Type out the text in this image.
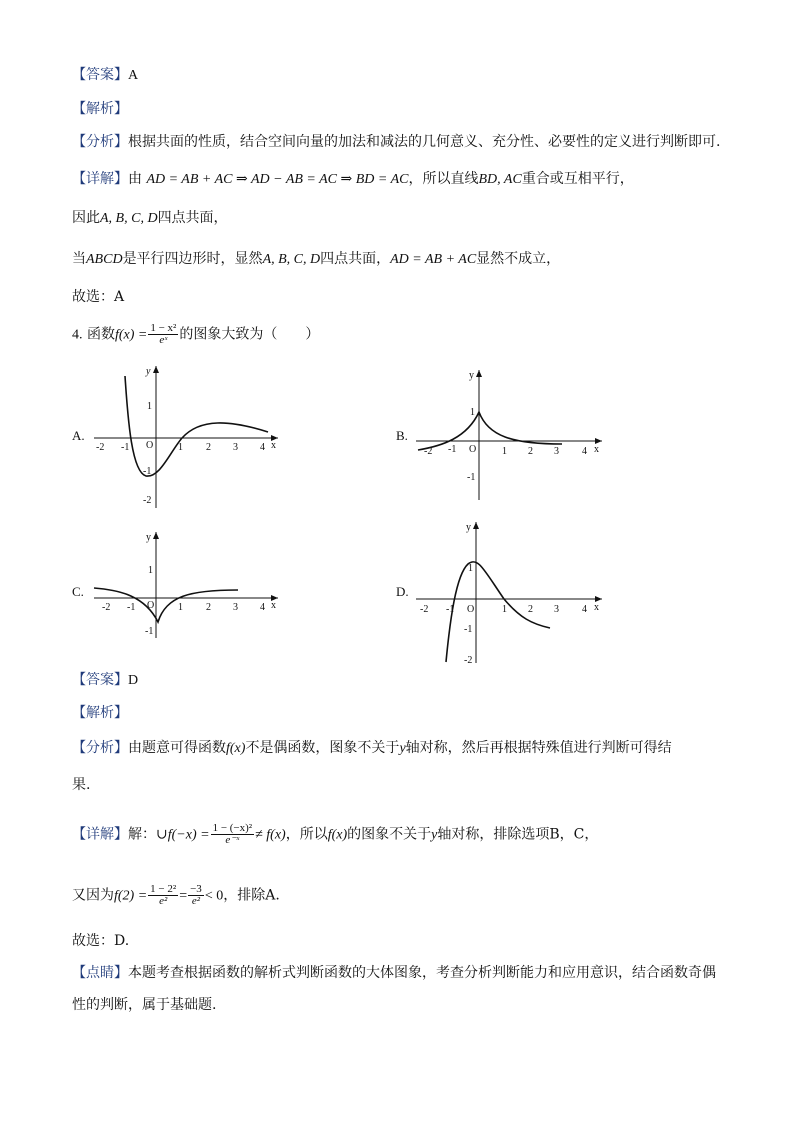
【答案】A
【解析】
【分析】根据共面的性质，结合空间向量的加法和减法的几何意义、充分性、必要性的定义进行判断即可.
【详解】由 AD = AB + AC ⇒ AD − AB = AC ⇒ BD = AC，所以直线BD, AC重合或互相平行，
因此A, B, C, D四点共面，
当ABCD是平行四边形时，显然A, B, C, D四点共面，AD = AB + AC显然不成立，
故选：A
4. 函数$f(x) = \frac{\text{1 − x²}}{\text{eˣ}}$ 的图象大致为（　　）
A.	B.
C.	D.
y
x
-2 -1 O 1 2 3 4
1
-1
-2
y
x
-2 -1 O	1 2 3 4
1
-1
y
x
-2 -1 O 1 2 3 4
1
-1
y
x
-2 -1 O	1 2 3 4
1
-1
-2
【答案】D
【解析】
【分析】由题意可得函数f(x)不是偶函数，图象不关于y轴对称，然后再根据特殊值进行判断可得结
果.
【详解】解：∪f(−x) = $\frac{\text{1 − (−x)²}}{\text{e⁻ˣ}} \ne f(x)$，所以f(x)的图象不关于y轴对称，排除选项B，C，
又因为$f(2) = \frac{\text{1 − 2²}}{\text{e²}} = \frac{-3}{\text{e²}} < 0$，排除A.
故选：D.
【点睛】本题考查根据函数的解析式判断函数的大体图象，考查分析判断能力和应用意识，结合函数奇偶
性的判断，属于基础题.
